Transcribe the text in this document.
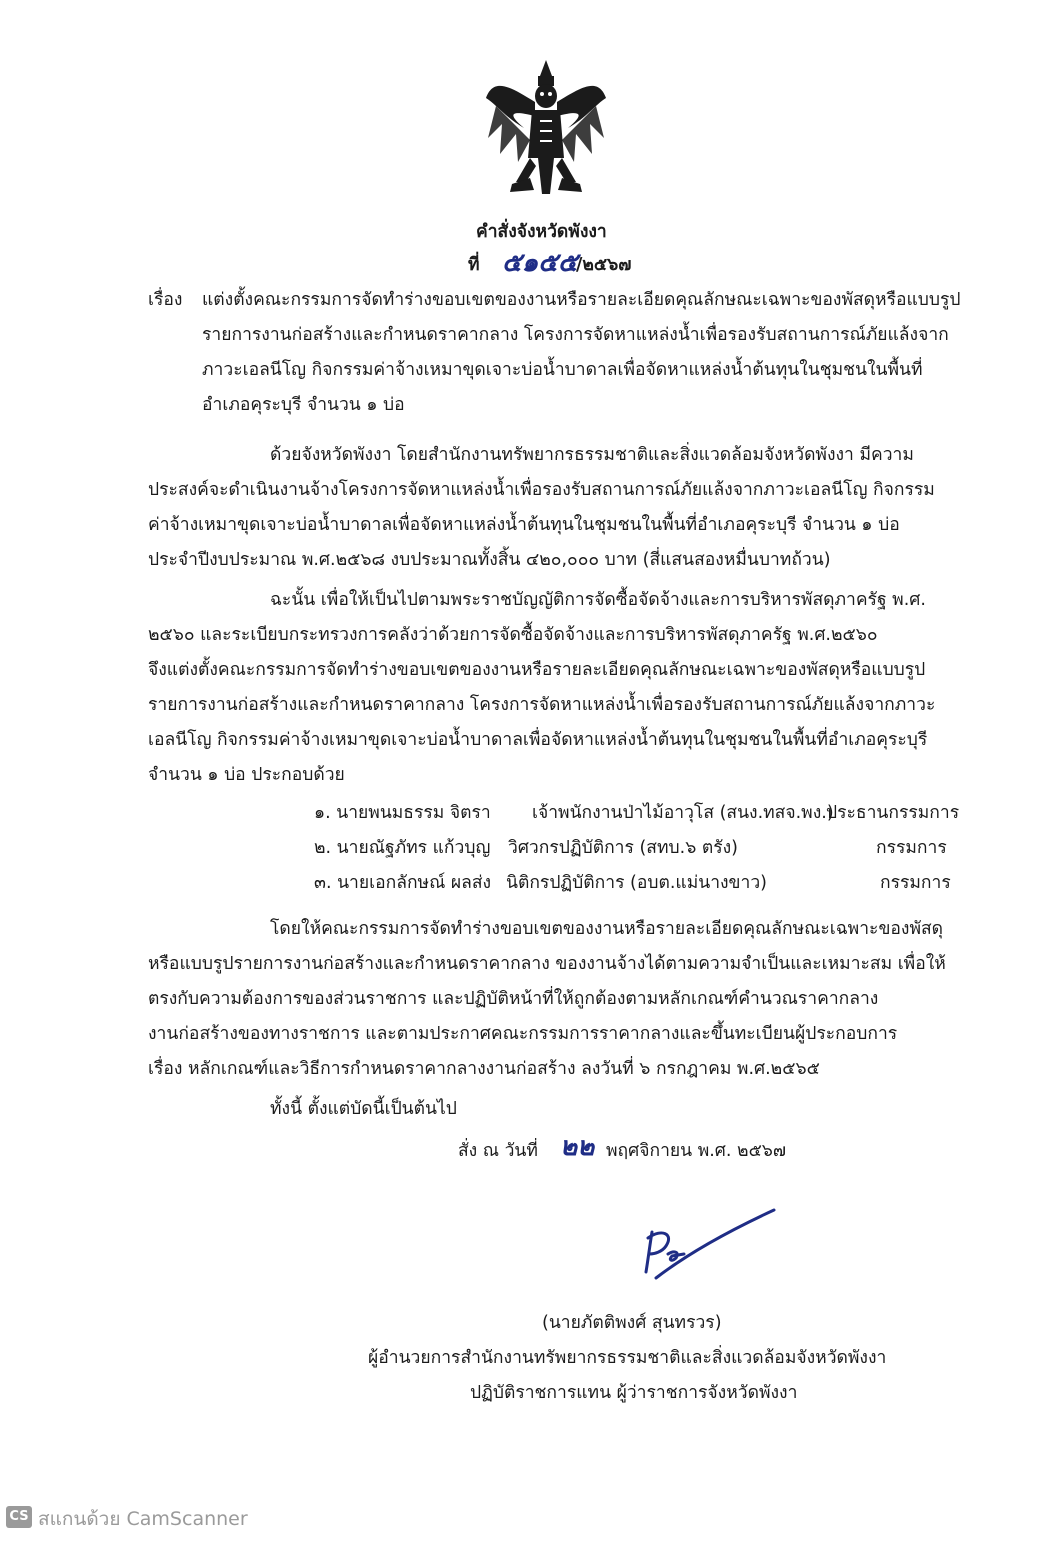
คำสั่งจังหวัดพังงา
ที่ ๕๑๕๕
/๒๕๖๗
เรื่อง แต่งตั้งคณะกรรมการจัดทำร่างขอบเขตของงานหรือรายละเอียดคุณลักษณะเฉพาะของพัสดุหรือแบบรูป
รายการงานก่อสร้างและกำหนดราคากลาง โครงการจัดหาแหล่งน้ำเพื่อรองรับสถานการณ์ภัยแล้งจาก
ภาวะเอลนีโญ กิจกรรมค่าจ้างเหมาขุดเจาะบ่อน้ำบาดาลเพื่อจัดหาแหล่งน้ำต้นทุนในชุมชนในพื้นที่
อำเภอคุระบุรี จำนวน ๑ บ่อ
ด้วยจังหวัดพังงา โดยสำนักงานทรัพยากรธรรมชาติและสิ่งแวดล้อมจังหวัดพังงา มีความ
ประสงค์จะดำเนินงานจ้างโครงการจัดหาแหล่งน้ำเพื่อรองรับสถานการณ์ภัยแล้งจากภาวะเอลนีโญ กิจกรรม
ค่าจ้างเหมาขุดเจาะบ่อน้ำบาดาลเพื่อจัดหาแหล่งน้ำต้นทุนในชุมชนในพื้นที่อำเภอคุระบุรี จำนวน ๑ บ่อ
ประจำปีงบประมาณ พ.ศ.๒๕๖๘ งบประมาณทั้งสิ้น ๔๒๐,๐๐๐ บาท (สี่แสนสองหมื่นบาทถ้วน)
ฉะนั้น เพื่อให้เป็นไปตามพระราชบัญญัติการจัดซื้อจัดจ้างและการบริหารพัสดุภาครัฐ พ.ศ.
๒๕๖๐ และระเบียบกระทรวงการคลังว่าด้วยการจัดซื้อจัดจ้างและการบริหารพัสดุภาครัฐ พ.ศ.๒๕๖๐
จึงแต่งตั้งคณะกรรมการจัดทำร่างขอบเขตของงานหรือรายละเอียดคุณลักษณะเฉพาะของพัสดุหรือแบบรูป
รายการงานก่อสร้างและกำหนดราคากลาง โครงการจัดหาแหล่งน้ำเพื่อรองรับสถานการณ์ภัยแล้งจากภาวะ
เอลนีโญ กิจกรรมค่าจ้างเหมาขุดเจาะบ่อน้ำบาดาลเพื่อจัดหาแหล่งน้ำต้นทุนในชุมชนในพื้นที่อำเภอคุระบุรี
จำนวน ๑ บ่อ ประกอบด้วย
๑. นายพนมธรรม จิตรา เจ้าพนักงานป่าไม้อาวุโส (สนง.ทสจ.พง.)
ประธานกรรมการ
๒. นายณัฐภัทร แก้วบุญ วิศวกรปฏิบัติการ (สทบ.๖ ตรัง)	กรรมการ
๓. นายเอกลักษณ์ ผลส่ง นิติกรปฏิบัติการ (อบต.แม่นางขาว)	กรรมการ
โดยให้คณะกรรมการจัดทำร่างขอบเขตของงานหรือรายละเอียดคุณลักษณะเฉพาะของพัสดุ
หรือแบบรูปรายการงานก่อสร้างและกำหนดราคากลาง ของงานจ้างได้ตามความจำเป็นและเหมาะสม เพื่อให้
ตรงกับความต้องการของส่วนราชการ และปฏิบัติหน้าที่ให้ถูกต้องตามหลักเกณฑ์คำนวณราคากลาง
งานก่อสร้างของทางราชการ และตามประกาศคณะกรรมการราคากลางและขึ้นทะเบียนผู้ประกอบการ
เรื่อง หลักเกณฑ์และวิธีการกำหนดราคากลางงานก่อสร้าง ลงวันที่ ๖ กรกฎาคม พ.ศ.๒๕๖๕
ทั้งนี้ ตั้งแต่บัดนี้เป็นต้นไป
สั่ง ณ วันที่ ๒๒ พฤศจิกายน พ.ศ. ๒๕๖๗
(นายภัตติพงศ์ สุนทรวร)
ผู้อำนวยการสำนักงานทรัพยากรธรรมชาติและสิ่งแวดล้อมจังหวัดพังงา
ปฏิบัติราชการแทน ผู้ว่าราชการจังหวัดพังงา
CS สแกนด้วย CamScanner
